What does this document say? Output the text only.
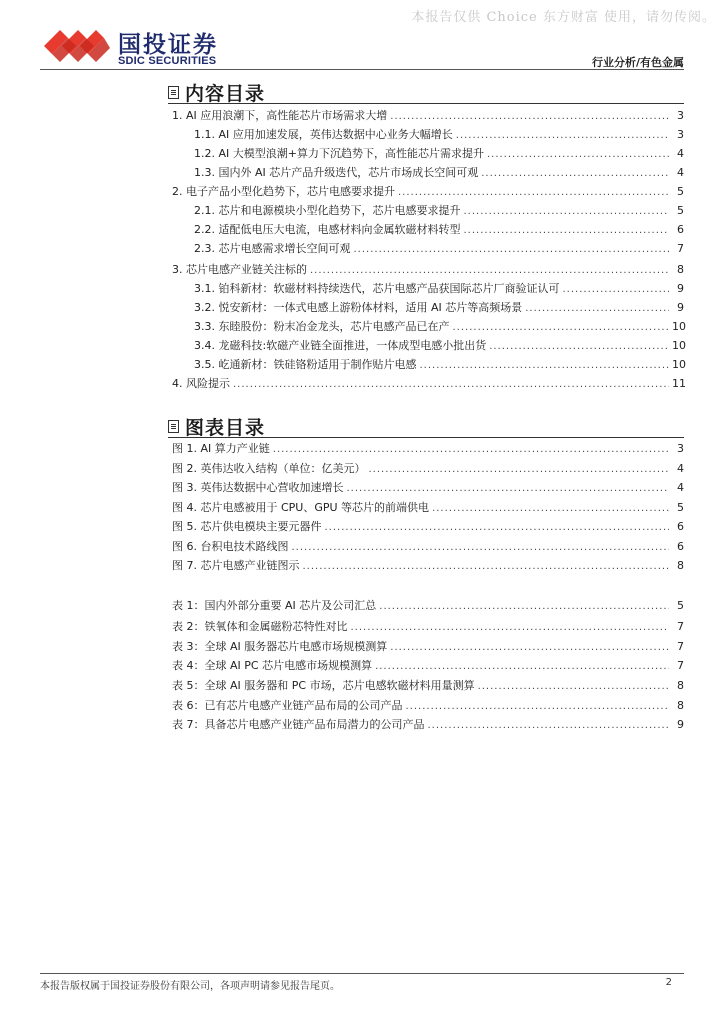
本报告仅供 Choice 东方财富 使用，请勿传阅。
国投证券
SDIC SECURITIES	行业分析/有色金属
内容目录
1. AI 应用浪潮下，高性能芯片市场需求大增 .....	3
1.1. AI 应用加速发展，英伟达数据中心业务大幅增长 .....	3
1.2. AI 大模型浪潮+算力下沉趋势下，高性能芯片需求提升 .....	4
1.3. 国内外 AI 芯片产品升级迭代，芯片市场成长空间可观 .....	4
2. 电子产品小型化趋势下，芯片电感要求提升 .....	5
2.1. 芯片和电源模块小型化趋势下，芯片电感要求提升 .....	5
2.2. 适配低电压大电流，电感材料向金属软磁材料转型 .....	6
2.3. 芯片电感需求增长空间可观 .....	7
3. 芯片电感产业链关注标的 .....	8
3.1. 铂科新材：软磁材料持续迭代，芯片电感产品获国际芯片厂商验证认可 .....	9
3.2. 悦安新材：一体式电感上游粉体材料，适用 AI 芯片等高频场景 .....	9
3.3. 东睦股份：粉末冶金龙头，芯片电感产品已在产 .....	10
3.4. 龙磁科技:软磁产业链全面推进，一体成型电感小批出货 .....	10
3.5. 屹通新材：铁硅铬粉适用于制作贴片电感 .....	10
4. 风险提示 .....	11
图表目录
图 1. AI 算力产业链 .....	3
图 2. 英伟达收入结构（单位：亿美元） .....	4
图 3. 英伟达数据中心营收加速增长 .....	4
图 4. 芯片电感被用于 CPU、GPU 等芯片的前端供电 .....	5
图 5. 芯片供电模块主要元器件 .....	6
图 6. 台积电技术路线图 .....	6
图 7. 芯片电感产业链图示 .....	8
表 1：国内外部分重要 AI 芯片及公司汇总 .....	5
表 2：铁氧体和金属磁粉芯特性对比 .....	7
表 3：全球 AI 服务器芯片电感市场规模测算 .....	7
表 4：全球 AI PC 芯片电感市场规模测算 .....	7
表 5：全球 AI 服务器和 PC 市场，芯片电感软磁材料用量测算 .....	8
表 6：已有芯片电感产业链产品布局的公司产品 .....	8
表 7：具备芯片电感产业链产品布局潜力的公司产品 .....	9
本报告版权属于国投证券股份有限公司，各项声明请参见报告尾页。	2
